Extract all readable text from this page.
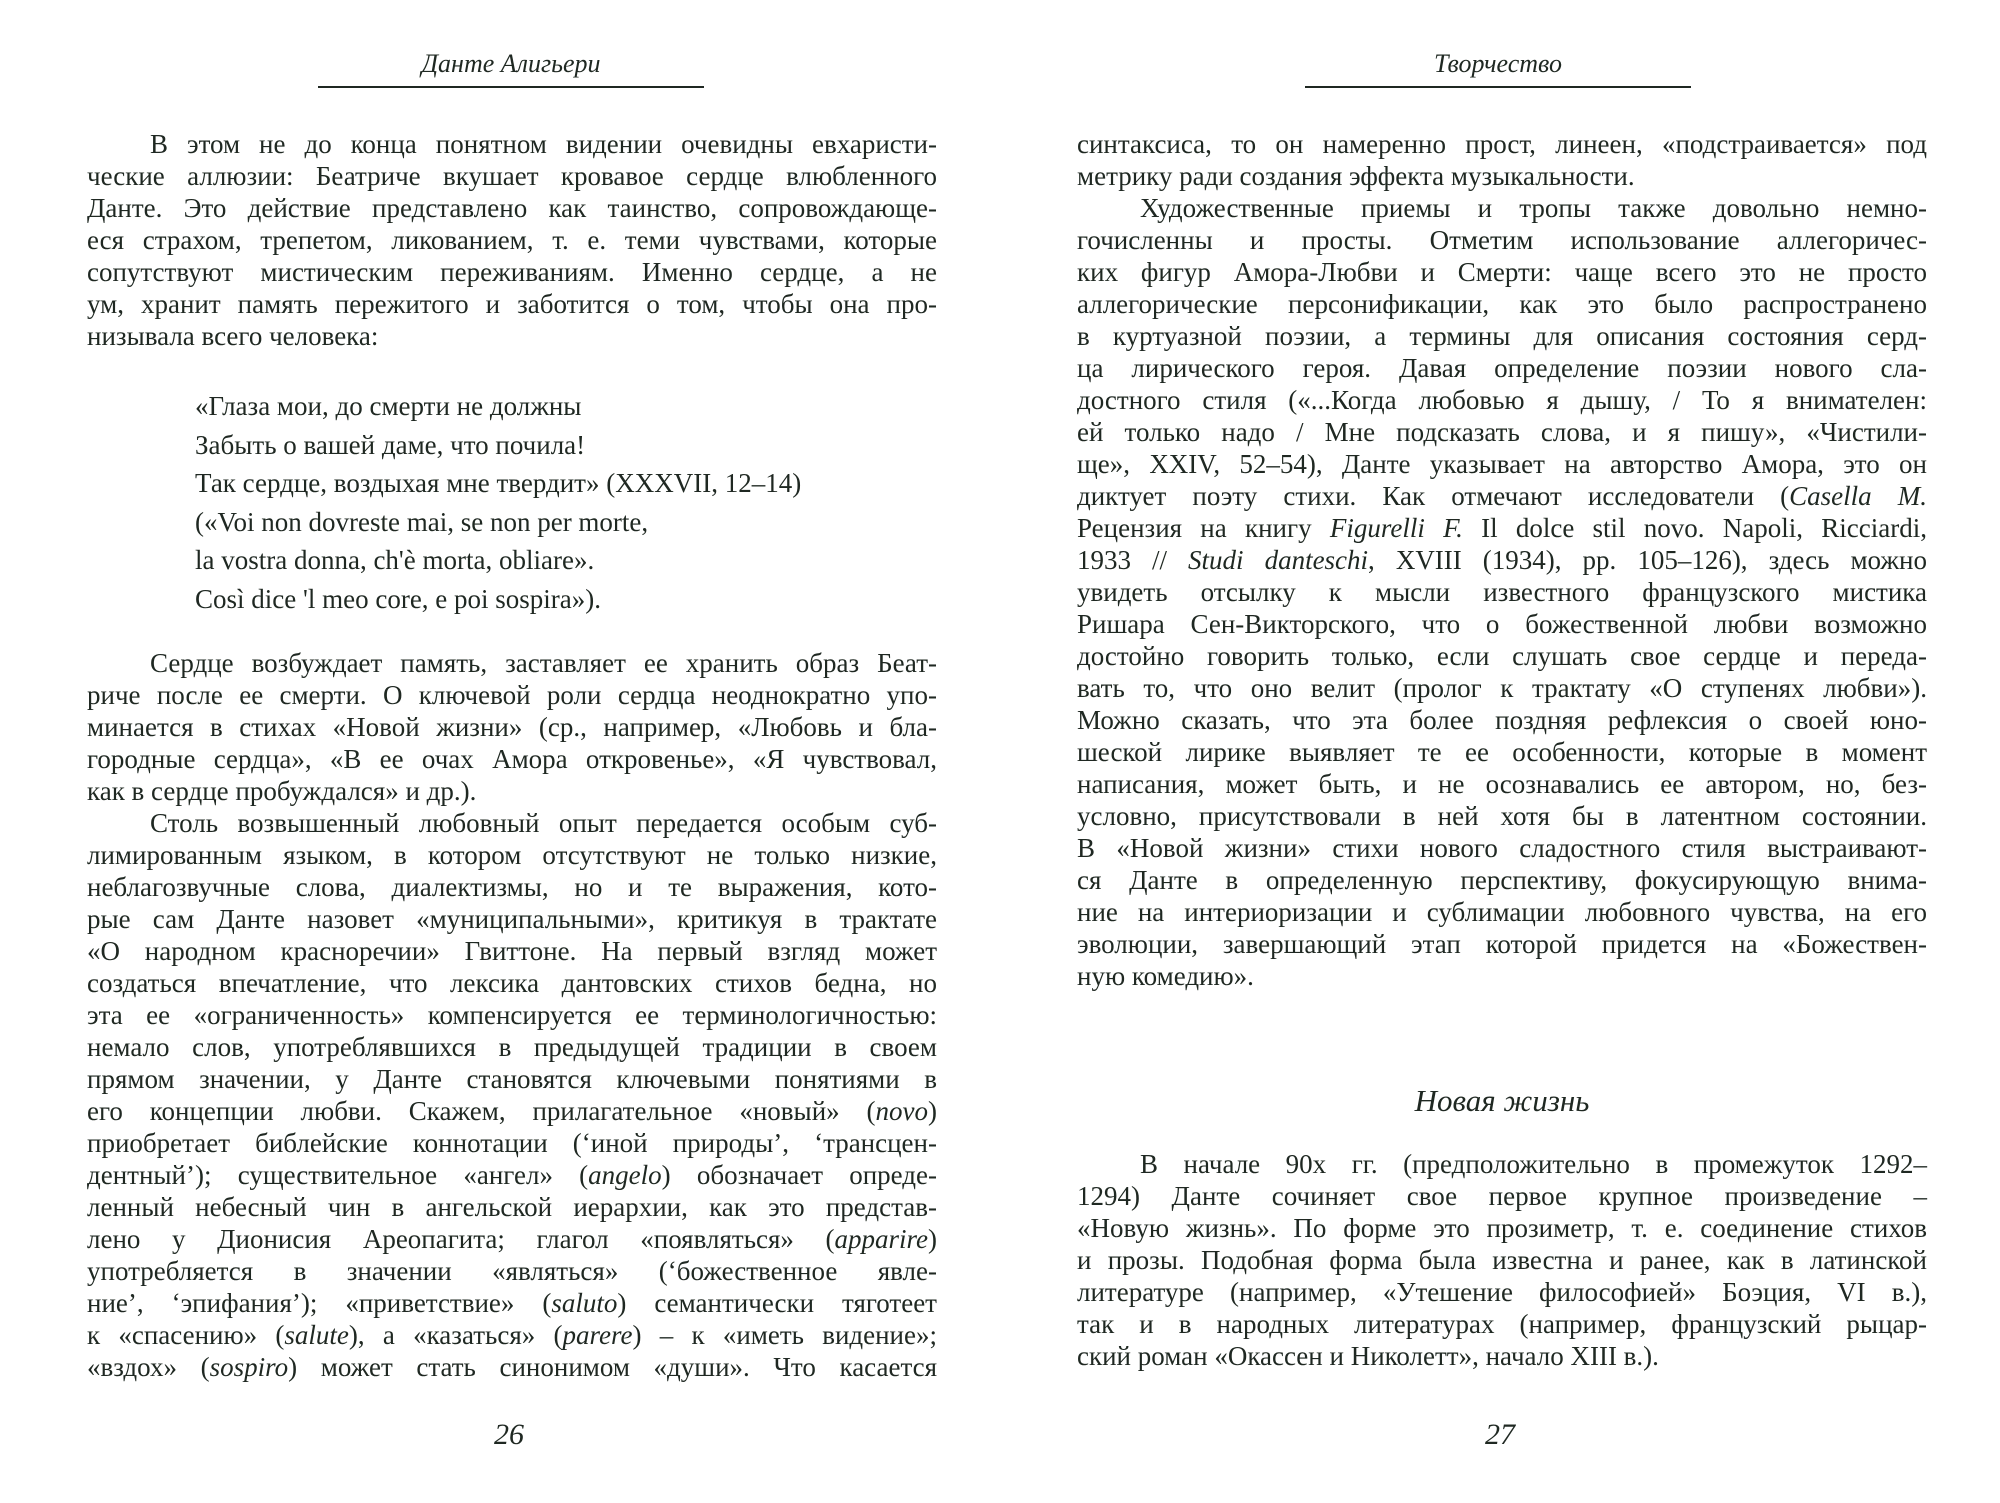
Данте Алигьери
В этом не до конца понятном видении очевидны евхаристи-
ческие аллюзии: Беатриче вкушает кровавое сердце влюбленного
Данте. Это действие представлено как таинство, сопровождающе-
еся страхом, трепетом, ликованием, т. е. теми чувствами, которые
сопутствуют мистическим переживаниям. Именно сердце, а не
ум, хранит память пережитого и заботится о том, чтобы она про-
низывала всего человека:
«Глаза мои, до смерти не должны
Забыть о вашей даме, что почила!
Так сердце, воздыхая мне твердит» (XXXVII, 12–14)
(«Voi non dovreste mai, se non per morte,
la vostra donna, ch'è morta, obliare».
Così dice 'l meo core, e poi sospira»).
Сердце возбуждает память, заставляет ее хранить образ Беат-
риче после ее смерти. О ключевой роли сердца неоднократно упо-
минается в стихах «Новой жизни» (ср., например, «Любовь и бла-
городные сердца», «В ее очах Амора откровенье», «Я чувствовал,
как в сердце пробуждался» и др.).
Столь возвышенный любовный опыт передается особым суб-
лимированным языком, в котором отсутствуют не только низкие,
неблагозвучные слова, диалектизмы, но и те выражения, кото-
рые сам Данте назовет «муниципальными», критикуя в трактате
«О народном красноречии» Гвиттоне. На первый взгляд может
создаться впечатление, что лексика дантовских стихов бедна, но
эта ее «ограниченность» компенсируется ее терминологичностью:
немало слов, употреблявшихся в предыдущей традиции в своем
прямом значении, у Данте становятся ключевыми понятиями в
его концепции любви. Скажем, прилагательное «новый» (novo)
приобретает библейские коннотации (‘иной природы’, ‘трансцен-
дентный’); существительное «ангел» (angelo) обозначает опреде-
ленный небесный чин в ангельской иерархии, как это представ-
лено у Дионисия Ареопагита; глагол «появляться» (apparire)
употребляется в значении «являться» (‘божественное явле-
ние’, ‘эпифания’); «приветствие» (saluto) семантически тяготеет
к «спасению» (salute), а «казаться» (parere) – к «иметь видение»;
«вздох» (sospiro) может стать синонимом «души». Что касается
26
Творчество
синтаксиса, то он намеренно прост, линеен, «подстраивается» под
метрику ради создания эффекта музыкальности.
Художественные приемы и тропы также довольно немно-
гочисленны и просты. Отметим использование аллегоричес-
ких фигур Амора-Любви и Смерти: чаще всего это не просто
аллегорические персонификации, как это было распространено
в куртуазной поэзии, а термины для описания состояния серд-
ца лирического героя. Давая определение поэзии нового сла-
достного стиля («...Когда любовью я дышу, / То я внимателен:
ей только надо / Мне подсказать слова, и я пишу», «Чистили-
ще», XXIV, 52–54), Данте указывает на авторство Амора, это он
диктует поэту стихи. Как отмечают исследователи (Casella M.
Рецензия на книгу Figurelli F. Il dolce stil novo. Napoli, Ricciardi,
1933 // Studi danteschi, XVIII (1934), pp. 105–126), здесь можно
увидеть отсылку к мысли известного французского мистика
Ришара Сен-Викторского, что о божественной любви возможно
достойно говорить только, если слушать свое сердце и переда-
вать то, что оно велит (пролог к трактату «О ступенях любви»).
Можно сказать, что эта более поздняя рефлексия о своей юно-
шеской лирике выявляет те ее особенности, которые в момент
написания, может быть, и не осознавались ее автором, но, без-
условно, присутствовали в ней хотя бы в латентном состоянии.
В «Новой жизни» стихи нового сладостного стиля выстраивают-
ся Данте в определенную перспективу, фокусирующую внима-
ние на интериоризации и сублимации любовного чувства, на его
эволюции, завершающий этап которой придется на «Божествен-
ную комедию».
Новая жизнь
В начале 90х гг. (предположительно в промежуток 1292–
1294) Данте сочиняет свое первое крупное произведение –
«Новую жизнь». По форме это прозиметр, т. е. соединение стихов
и прозы. Подобная форма была известна и ранее, как в латинской
литературе (например, «Утешение философией» Боэция, VI в.),
так и в народных литературах (например, французский рыцар-
ский роман «Окассен и Николетт», начало XIII в.).
27
